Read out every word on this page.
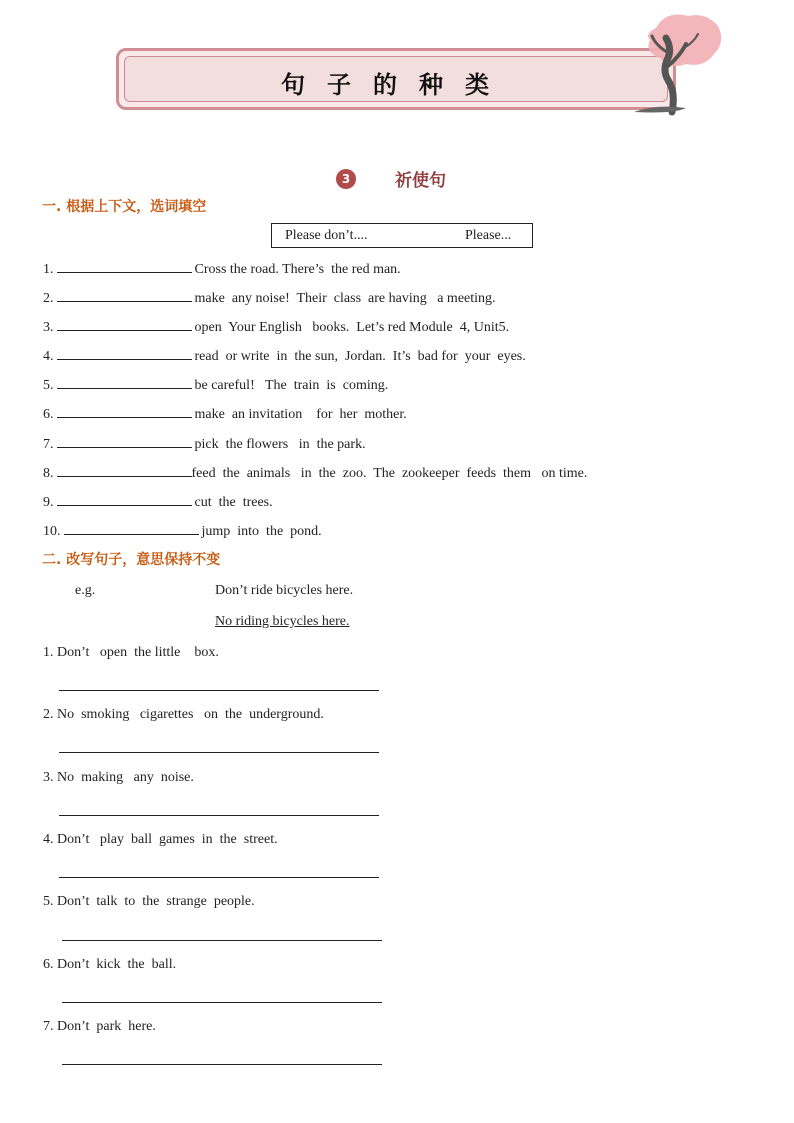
句子的种类
3	祈使句
一. 根据上下文，选词填空
Please don’t....	Please...
1.	Cross the road. There’s  the red man.
2.	make  any noise!  Their  class  are having   a meeting.
3.	open  Your English   books.  Let’s red Module  4, Unit5.
4.	read  or write  in  the sun,  Jordan.  It’s  bad for  your  eyes.
5.	be careful!   The  train  is  coming.
6.	make  an invitation    for  her  mother.
7.	pick  the flowers   in  the park.
8.	feed  the  animals   in  the  zoo.  The  zookeeper  feeds  them   on time.
9.	cut  the  trees.
10.	jump  into  the  pond.
二. 改写句子，意思保持不变
e.g.	Don’t ride bicycles here.
No riding bicycles here.
1. Don’t   open  the little    box.
2. No  smoking   cigarettes   on  the  underground.
3. No  making   any  noise.
4. Don’t   play  ball  games  in  the  street.
5. Don’t  talk  to  the  strange  people.
6. Don’t  kick  the  ball.
7. Don’t  park  here.
